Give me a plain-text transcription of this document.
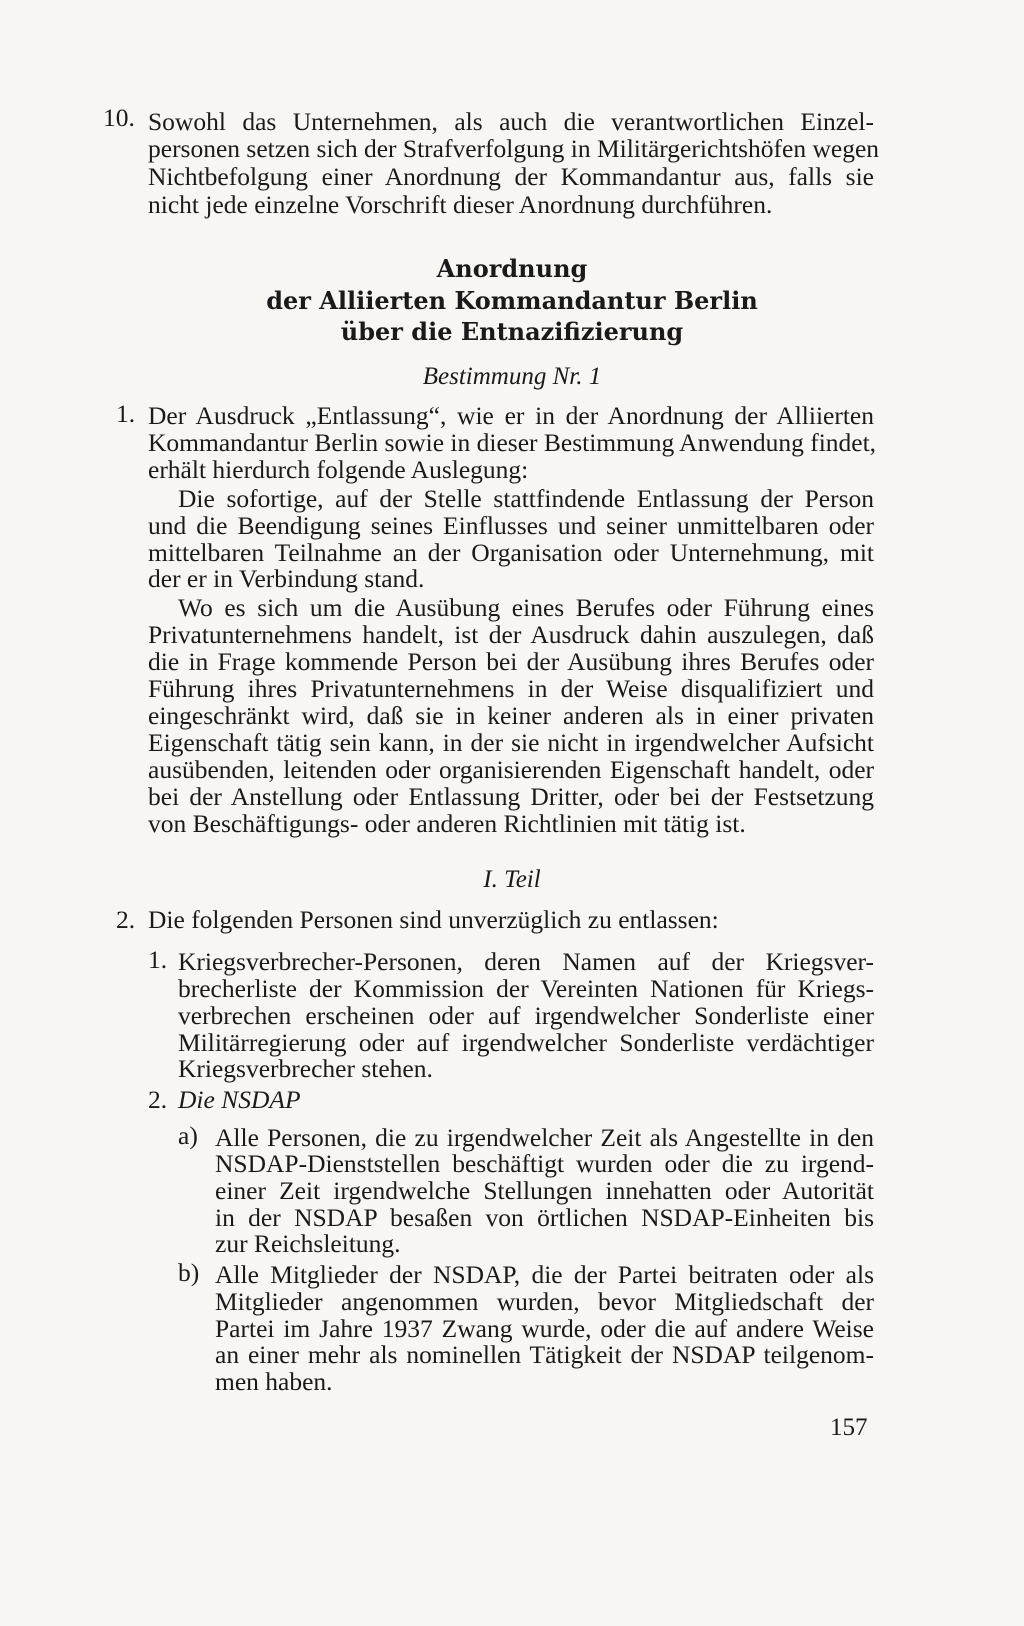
10. Sowohl das Unternehmen, als auch die verantwortlichen Einzel-
personen setzen sich der Strafverfolgung in Militärgerichtshöfen wegen
Nichtbefolgung einer Anordnung der Kommandantur aus, falls sie
nicht jede einzelne Vorschrift dieser Anordnung durchführen.
Anordnung
der Alliierten Kommandantur Berlin
über die Entnazifizierung
Bestimmung Nr. 1
1. Der Ausdruck „Entlassung“, wie er in der Anordnung der Alliierten
Kommandantur Berlin sowie in dieser Bestimmung Anwendung findet,
erhält hierdurch folgende Auslegung:
Die sofortige, auf der Stelle stattfindende Entlassung der Person
und die Beendigung seines Einflusses und seiner unmittelbaren oder
mittelbaren Teilnahme an der Organisation oder Unternehmung, mit
der er in Verbindung stand.
Wo es sich um die Ausübung eines Berufes oder Führung eines
Privatunternehmens handelt, ist der Ausdruck dahin auszulegen, daß
die in Frage kommende Person bei der Ausübung ihres Berufes oder
Führung ihres Privatunternehmens in der Weise disqualifiziert und
eingeschränkt wird, daß sie in keiner anderen als in einer privaten
Eigenschaft tätig sein kann, in der sie nicht in irgendwelcher Aufsicht
ausübenden, leitenden oder organisierenden Eigenschaft handelt, oder
bei der Anstellung oder Entlassung Dritter, oder bei der Festsetzung
von Beschäftigungs- oder anderen Richtlinien mit tätig ist.
I. Teil
2. Die folgenden Personen sind unverzüglich zu entlassen:
1. Kriegsverbrecher-Personen, deren Namen auf der Kriegsver-
brecherliste der Kommission der Vereinten Nationen für Kriegs-
verbrechen erscheinen oder auf irgendwelcher Sonderliste einer
Militärregierung oder auf irgendwelcher Sonderliste verdächtiger
Kriegsverbrecher stehen.
2. Die NSDAP
a) Alle Personen, die zu irgendwelcher Zeit als Angestellte in den
NSDAP-Dienststellen beschäftigt wurden oder die zu irgend-
einer Zeit irgendwelche Stellungen innehatten oder Autorität
in der NSDAP besaßen von örtlichen NSDAP-Einheiten bis
zur Reichsleitung.
b) Alle Mitglieder der NSDAP, die der Partei beitraten oder als
Mitglieder angenommen wurden, bevor Mitgliedschaft der
Partei im Jahre 1937 Zwang wurde, oder die auf andere Weise
an einer mehr als nominellen Tätigkeit der NSDAP teilgenom-
men haben.
157
